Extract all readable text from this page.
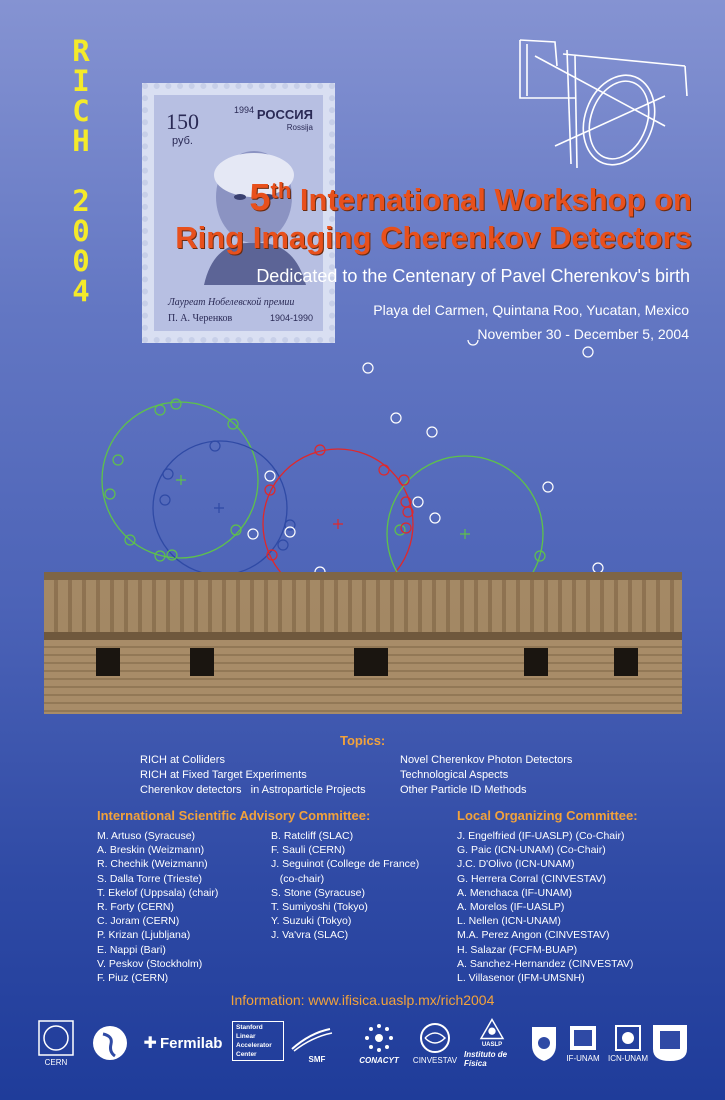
R
I
C
H
2
0
0
4
150
руб.
1994 РОССИЯ
Rossija
Лауреат Нобелевской премии
П. А. Черенков	1904-1990
5th International Workshop on
Ring Imaging Cherenkov Detectors
Dedicated to the Centenary of Pavel Cherenkov's birth
Playa del Carmen, Quintana Roo, Yucatan, Mexico
November 30 - December 5, 2004
Topics:
RICH at Colliders
RICH at Fixed Target Experiments
Cherenkov detectors   in Astroparticle Projects
Novel Cherenkov Photon Detectors
Technological Aspects
Other Particle ID Methods
International Scientific Advisory Committee:
M. Artuso (Syracuse)
A. Breskin (Weizmann)
R. Chechik (Weizmann)
S. Dalla Torre (Trieste)
T. Ekelof (Uppsala) (chair)
R. Forty (CERN)
C. Joram (CERN)
P. Krizan (Ljubljana)
E. Nappi (Bari)
V. Peskov (Stockholm)
F. Piuz (CERN)
B. Ratcliff (SLAC)
F. Sauli (CERN)
J. Seguinot (College de France)
(co-chair)
S. Stone (Syracuse)
T. Sumiyoshi (Tokyo)
Y. Suzuki (Tokyo)
J. Va'vra (SLAC)
Local Organizing Committee:
J. Engelfried (IF-UASLP) (Co-Chair)
G. Paic (ICN-UNAM) (Co-Chair)
J.C. D'Olivo (ICN-UNAM)
G. Herrera Corral (CINVESTAV)
A. Menchaca (IF-UNAM)
A. Morelos (IF-UASLP)
L. Nellen (ICN-UNAM)
M.A. Perez Angon (CINVESTAV)
H. Salazar (FCFM-BUAP)
A. Sanchez-Hernandez (CINVESTAV)
L. Villasenor (IFM-UMSNH)
Information: www.ifisica.uaslp.mx/rich2004
CERN
✚ Fermilab
Stanford
Linear
Accelerator
Center	SMF	CONACYT CINVESTAV
UASLP
Instituto de Física
IF-UNAM ICN-UNAM
